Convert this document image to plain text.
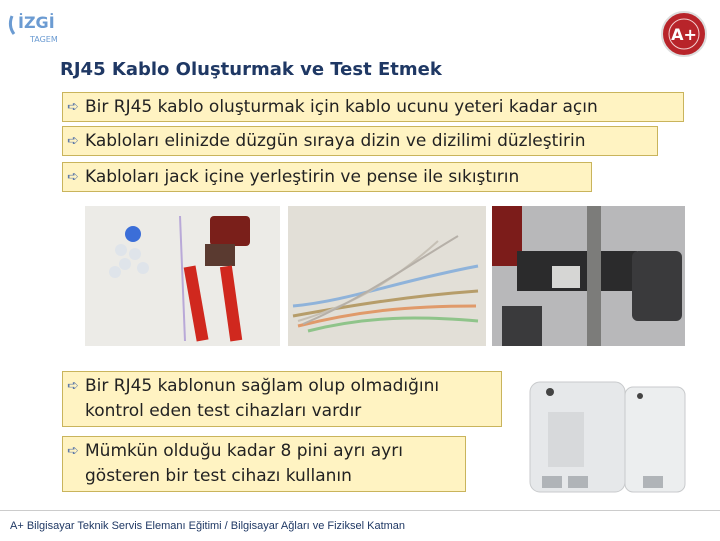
İZGİ
TAGEM	A+
RJ45 Kablo Oluşturmak ve Test Etmek
➪ Bir RJ45 kablo oluşturmak için kablo ucunu yeteri kadar açın
➪ Kabloları elinizde düzgün sıraya dizin ve dizilimi düzleştirin
➪ Kabloları jack içine yerleştirin ve pense ile sıkıştırın
➪ Bir RJ45 kablonun sağlam olup olmadığını kontrol eden test cihazları vardır
➪ Mümkün olduğu kadar 8 pini ayrı ayrı gösteren bir test cihazı kullanın
A+ Bilgisayar Teknik Servis Elemanı Eğitimi / Bilgisayar Ağları ve Fiziksel Katman
